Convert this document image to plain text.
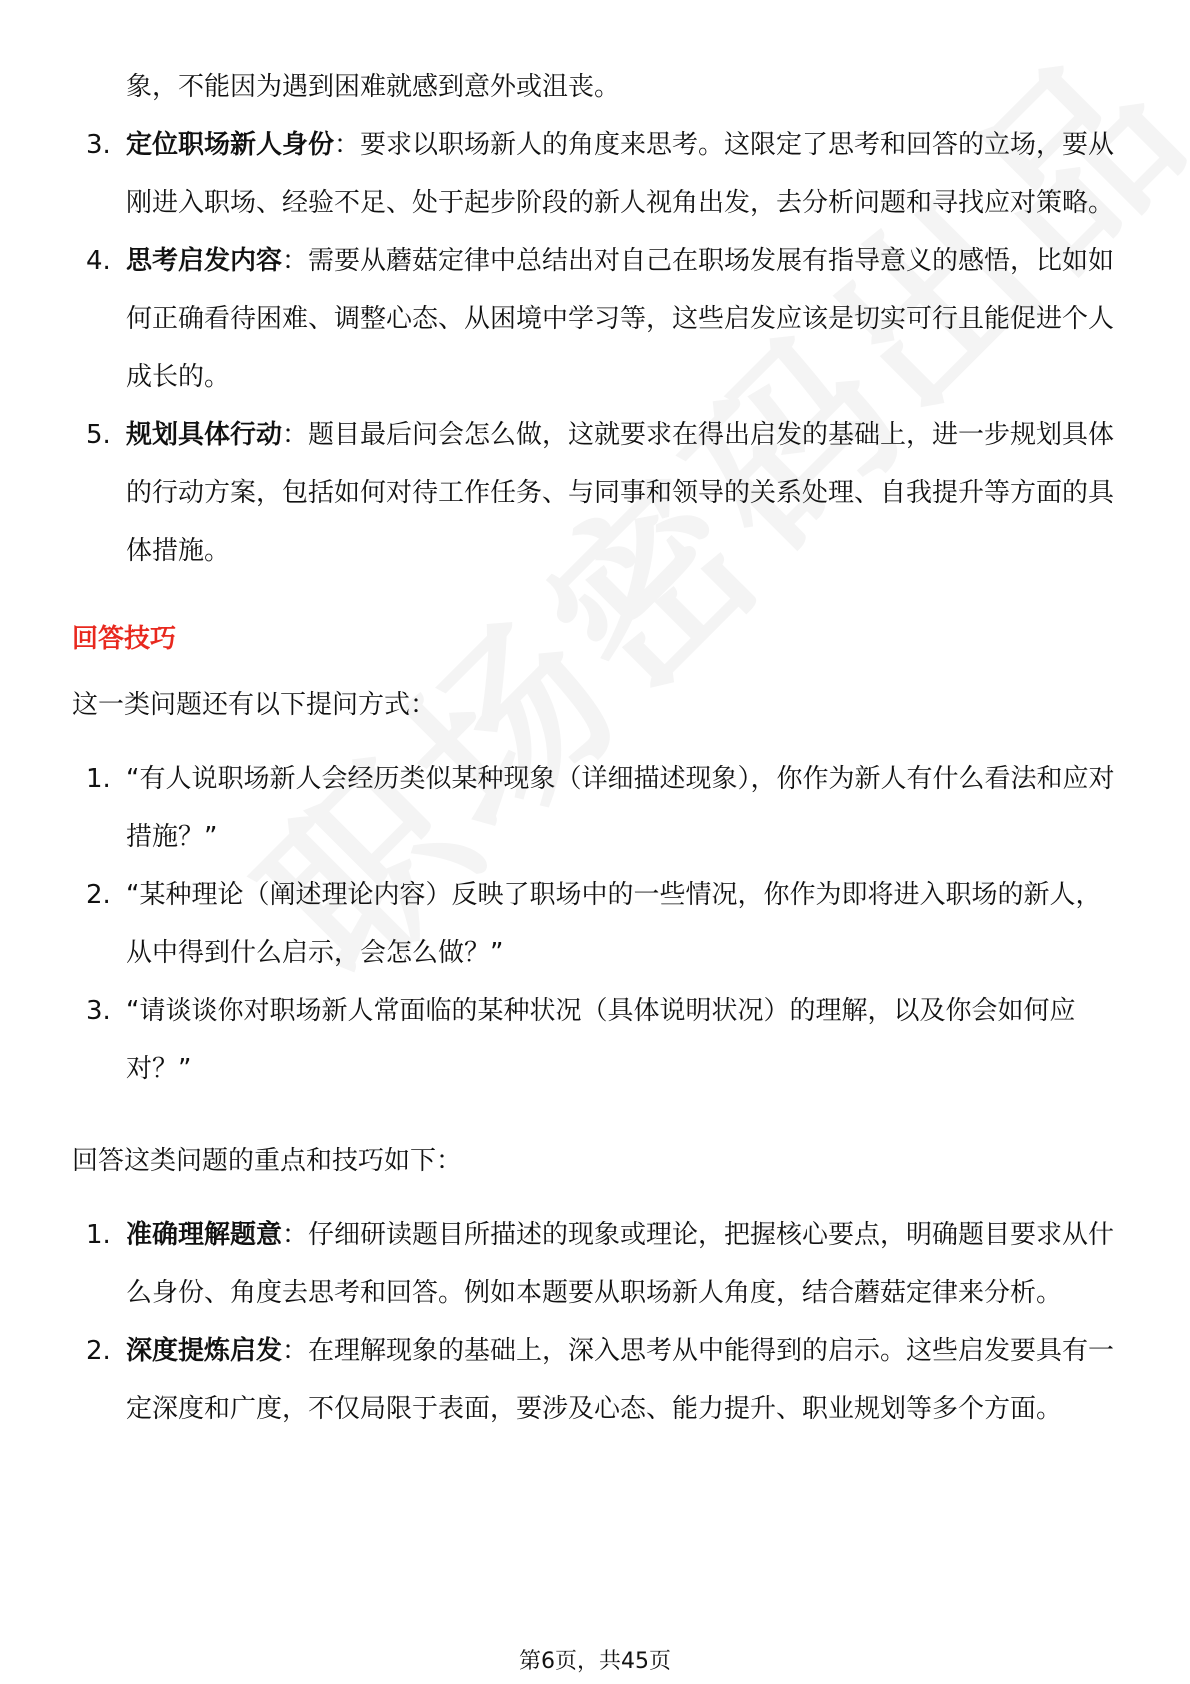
象，不能因为遇到困难就感到意外或沮丧。

3. 定位职场新人身份：要求以职场新人的角度来思考。这限定了思考和回答的立场，要从刚进入职场、经验不足、处于起步阶段的新人视角出发，去分析问题和寻找应对策略。
4. 思考启发内容：需要从蘑菇定律中总结出对自己在职场发展有指导意义的感悟，比如如何正确看待困难、调整心态、从困境中学习等，这些启发应该是切实可行且能促进个人成长的。
5. 规划具体行动：题目最后问会怎么做，这就要求在得出启发的基础上，进一步规划具体的行动方案，包括如何对待工作任务、与同事和领导的关系处理、自我提升等方面的具体措施。
回答技巧
这一类问题还有以下提问方式：
1. “有人说职场新人会经历类似某种现象（详细描述现象），你作为新人有什么看法和应对措施？”
2. “某种理论（阐述理论内容）反映了职场中的一些情况，你作为即将进入职场的新人，从中得到什么启示，会怎么做？”
3. “请谈谈你对职场新人常面临的某种状况（具体说明状况）的理解，以及你会如何应对？”
回答这类问题的重点和技巧如下：
1. 准确理解题意：仔细研读题目所描述的现象或理论，把握核心要点，明确题目要求从什么身份、角度去思考和回答。例如本题要从职场新人角度，结合蘑菇定律来分析。
2. 深度提炼启发：在理解现象的基础上，深入思考从中能得到的启示。这些启发要具有一定深度和广度，不仅局限于表面，要涉及心态、能力提升、职业规划等多个方面。
第6页，共45页
